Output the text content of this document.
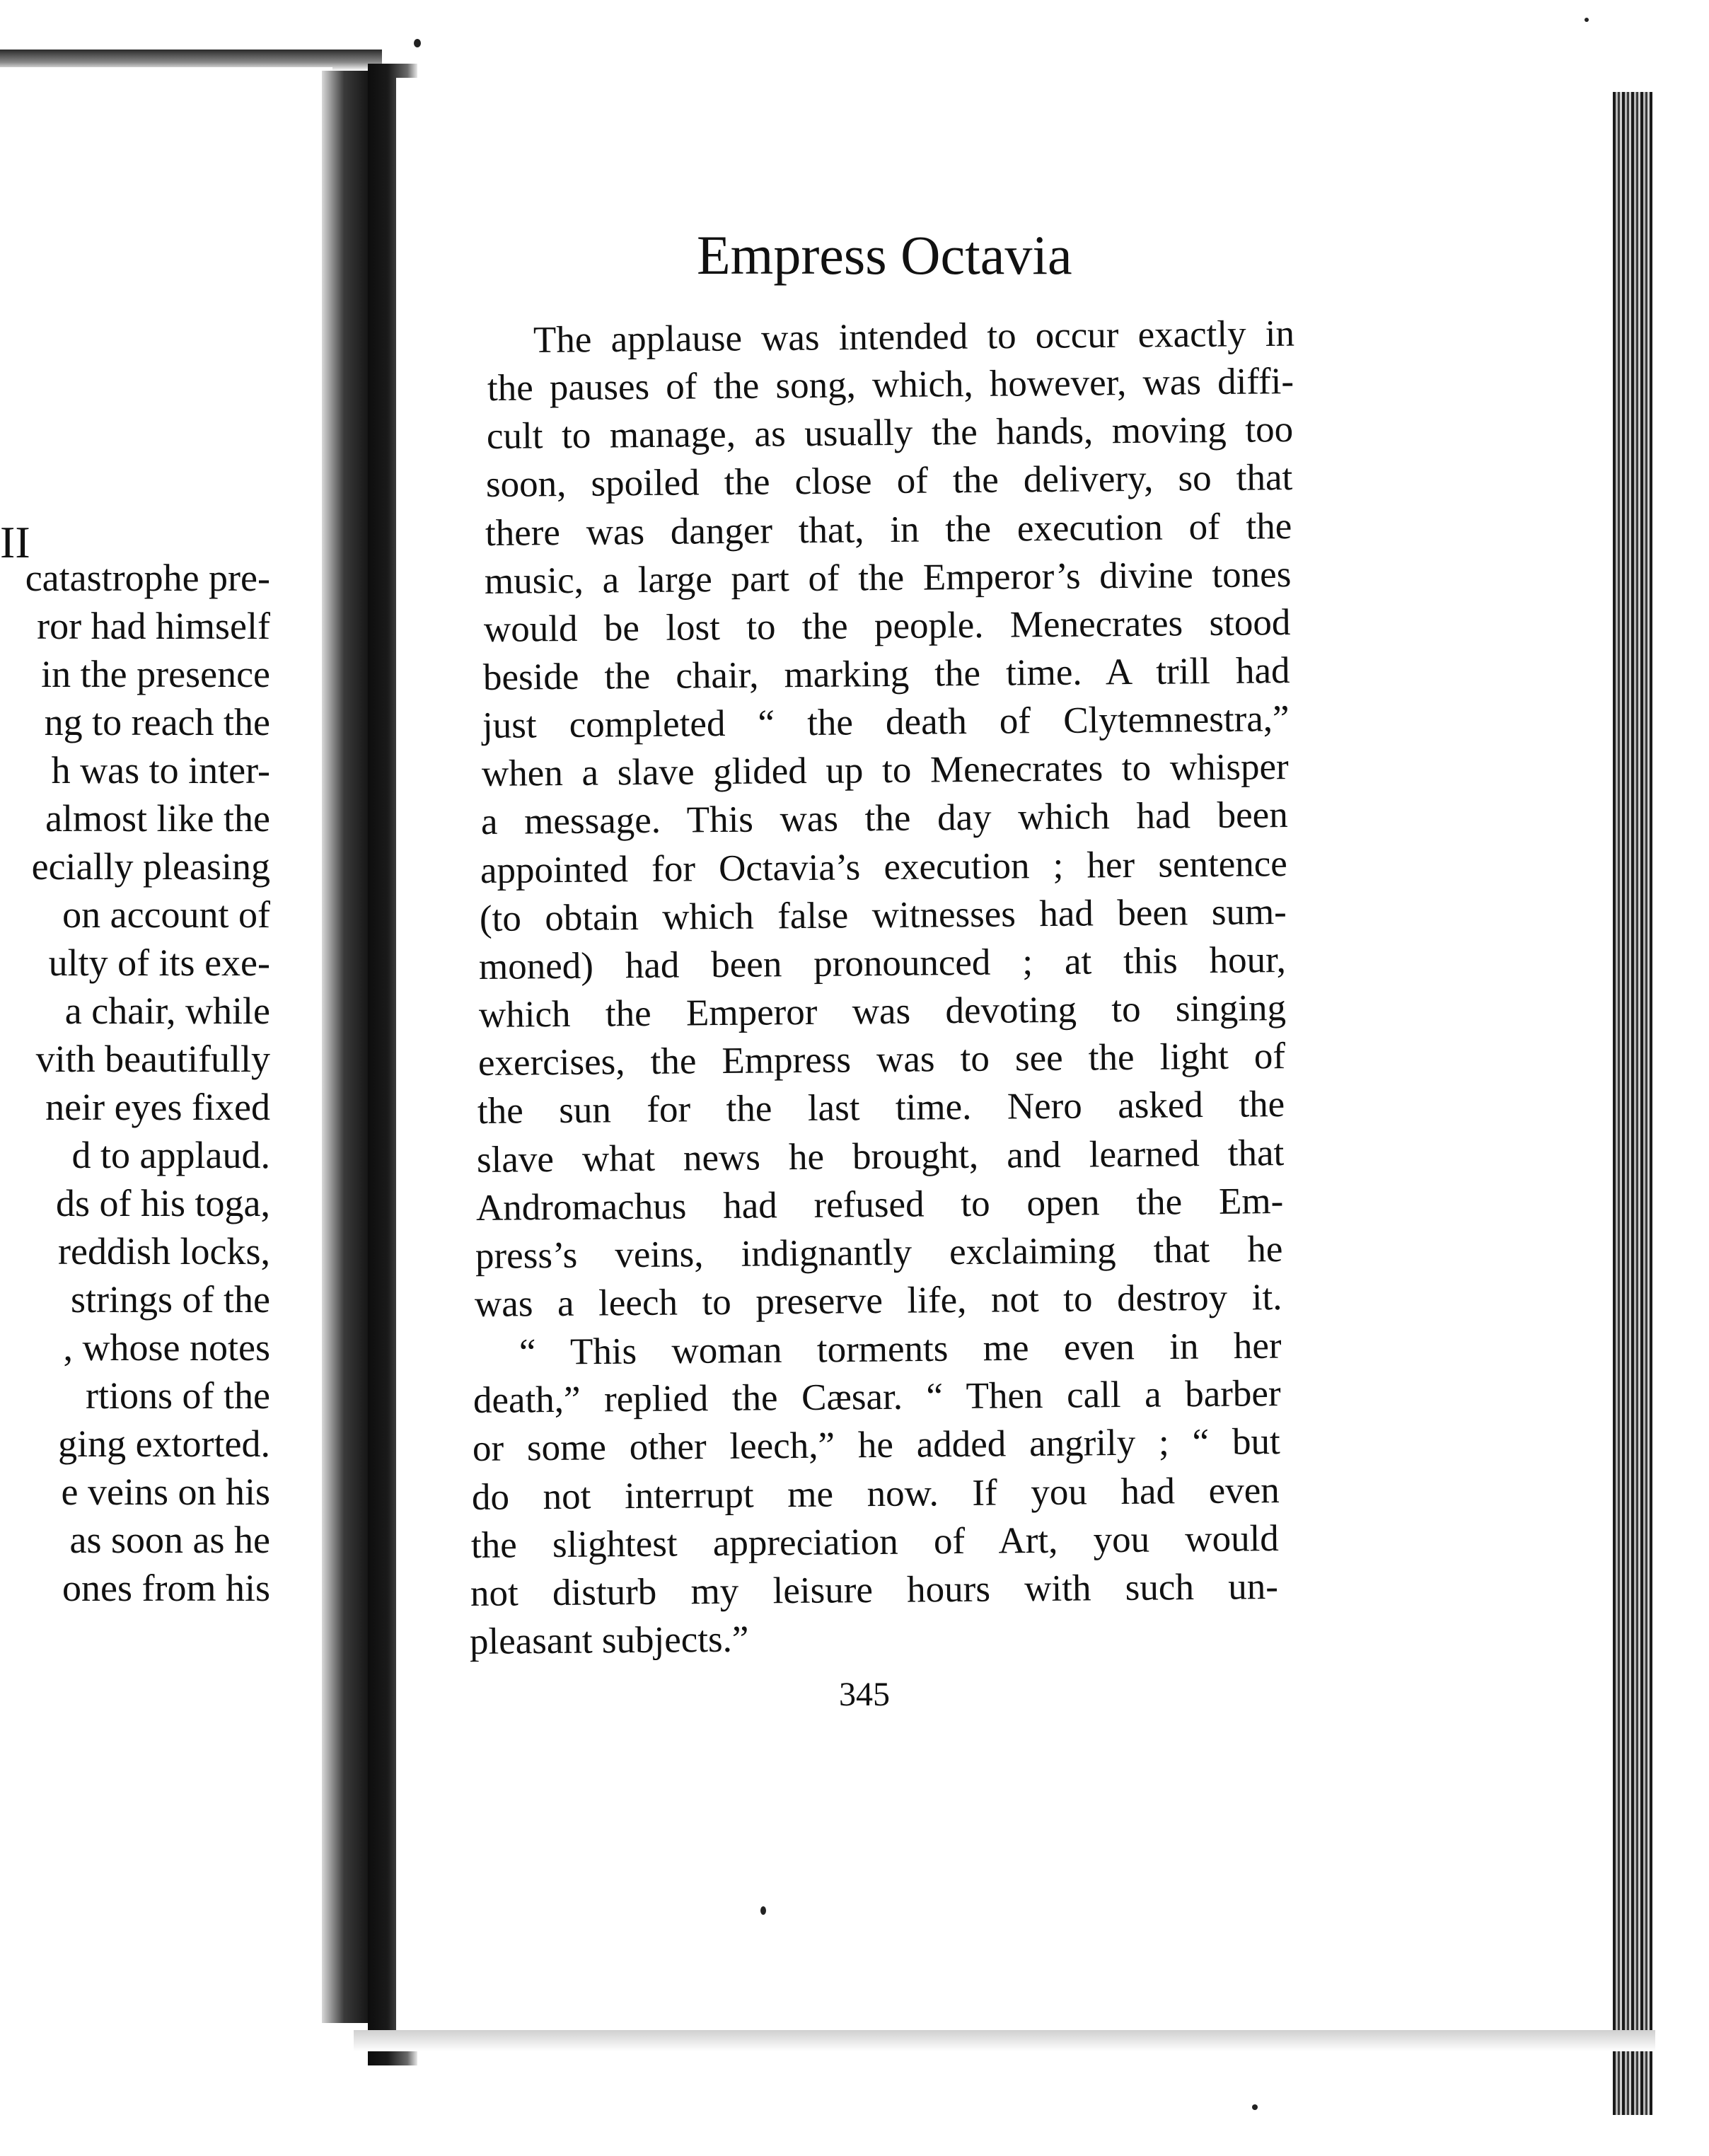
II
catastrophe pre-
ror had himself
in the presence
ng to reach the
h was to inter-
almost like the
ecially pleasing
on account of
ulty of its exe-
a chair, while
vith beautifully
neir eyes fixed
d to applaud.
ds of his toga,
reddish locks,
strings of the
, whose notes
rtions of the
ging extorted.
e veins on his
as soon as he
ones from his
Empress Octavia
The applause was intended to occur exactly in
the pauses of the song, which, however, was diffi-
cult to manage, as usually the hands, moving too
soon, spoiled the close of the delivery, so that
there was danger that, in the execution of the
music, a large part of the Emperor’s divine tones
would be lost to the people. Menecrates stood
beside the chair, marking the time. A trill had
just completed “ the death of Clytemnestra,”
when a slave glided up to Menecrates to whisper
a message. This was the day which had been
appointed for Octavia’s execution ; her sentence
(to obtain which false witnesses had been sum-
moned) had been pronounced ; at this hour,
which the Emperor was devoting to singing
exercises, the Empress was to see the light of
the sun for the last time. Nero asked the
slave what news he brought, and learned that
Andromachus had refused to open the Em-
press’s veins, indignantly exclaiming that he
was a leech to preserve life, not to destroy it.
“ This woman torments me even in her
death,” replied the Cæsar. “ Then call a barber
or some other leech,” he added angrily ; “ but
do not interrupt me now. If you had even
the slightest appreciation of Art, you would
not disturb my leisure hours with such un-
pleasant subjects.”
345
